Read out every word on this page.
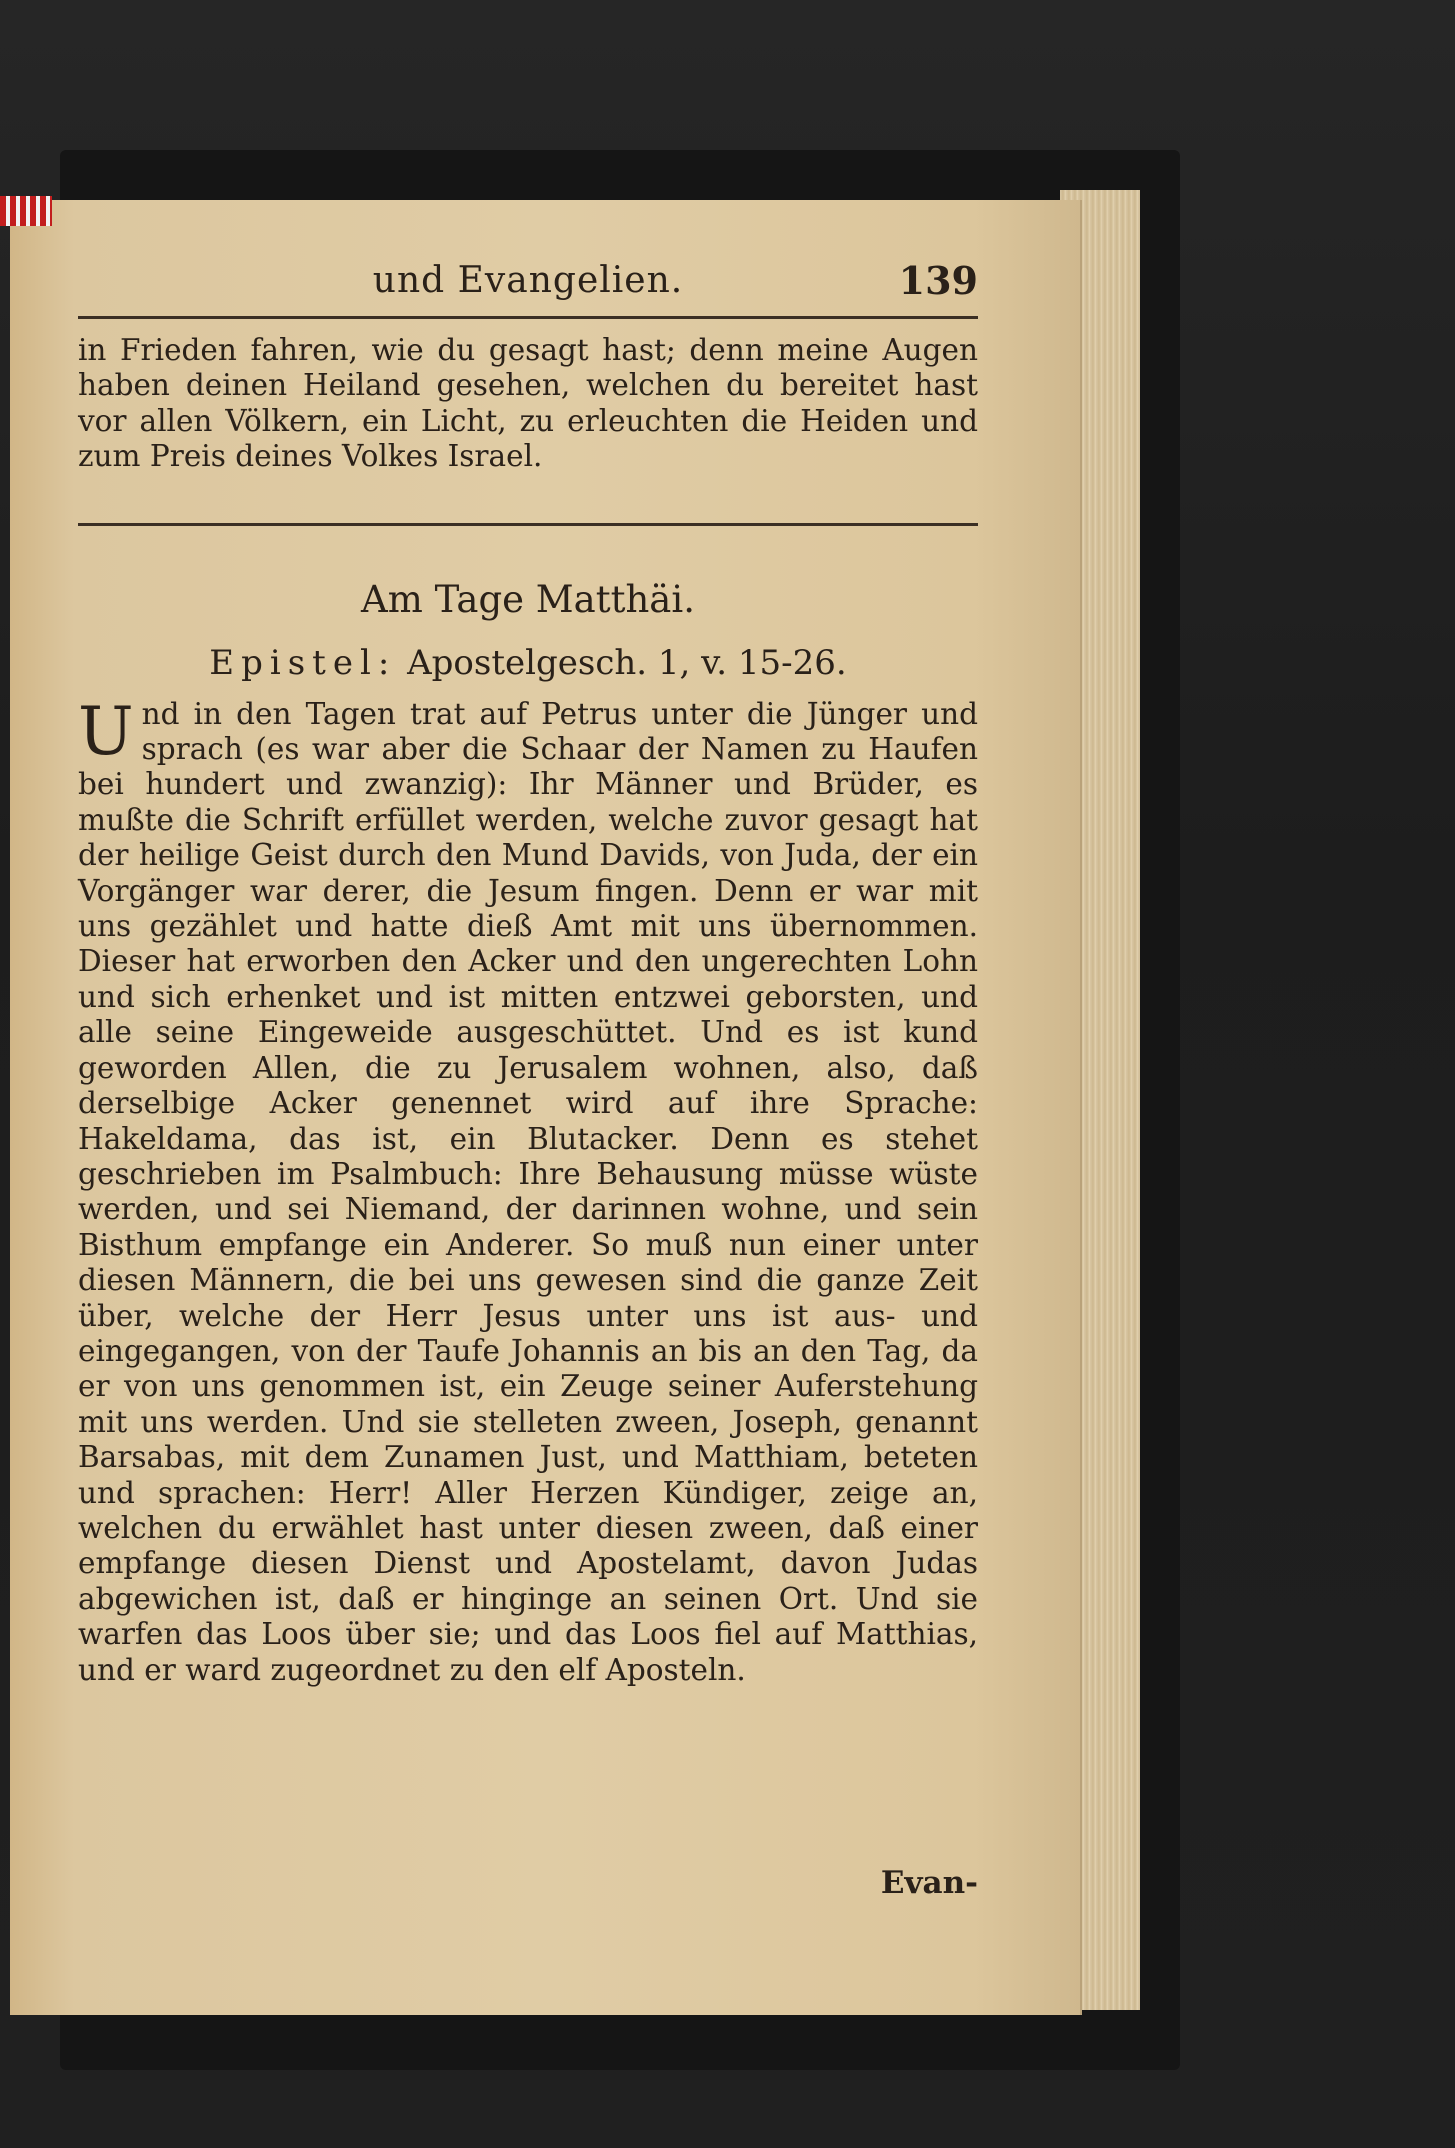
und Evangelien.	139

in Frieden fahren, wie du gesagt hast; denn meine Augen haben deinen Heiland gesehen, welchen du bereitet hast vor allen Völkern, ein Licht, zu erleuchten die Heiden und zum Preis deines Volkes Israel.

Am Tage Matthäi.
Epistel: Apostelgesch. 1, v. 15-26.
U nd in den Tagen trat auf Petrus unter die Jünger und sprach (es war aber die Schaar der Namen zu Haufen bei hundert und zwanzig): Ihr Männer und Brüder, es mußte die Schrift erfüllet werden, welche zuvor gesagt hat der heilige Geist durch den Mund Davids, von Juda, der ein Vorgänger war derer, die Jesum fingen. Denn er war mit uns gezählet und hatte dieß Amt mit uns übernommen. Dieser hat erworben den Acker und den ungerechten Lohn und sich erhenket und ist mitten entzwei geborsten, und alle seine Eingeweide ausgeschüttet. Und es ist kund geworden Allen, die zu Jerusalem wohnen, also, daß derselbige Acker genennet wird auf ihre Sprache: Hakeldama, das ist, ein Blutacker. Denn es stehet geschrieben im Psalmbuch: Ihre Behausung müsse wüste werden, und sei Niemand, der darinnen wohne, und sein Bisthum empfange ein Anderer. So muß nun einer unter diesen Männern, die bei uns gewesen sind die ganze Zeit über, welche der Herr Jesus unter uns ist aus- und eingegangen, von der Taufe Johannis an bis an den Tag, da er von uns genommen ist, ein Zeuge seiner Auferstehung mit uns werden. Und sie stelleten zween, Joseph, genannt Barsabas, mit dem Zunamen Just, und Matthiam, beteten und sprachen: Herr! Aller Herzen Kündiger, zeige an, welchen du erwählet hast unter diesen zween, daß einer empfange diesen Dienst und Apostelamt, davon Judas abgewichen ist, daß er hinginge an seinen Ort. Und sie warfen das Loos über sie; und das Loos fiel auf Matthias, und er ward zugeordnet zu den elf Aposteln.

Evan-
